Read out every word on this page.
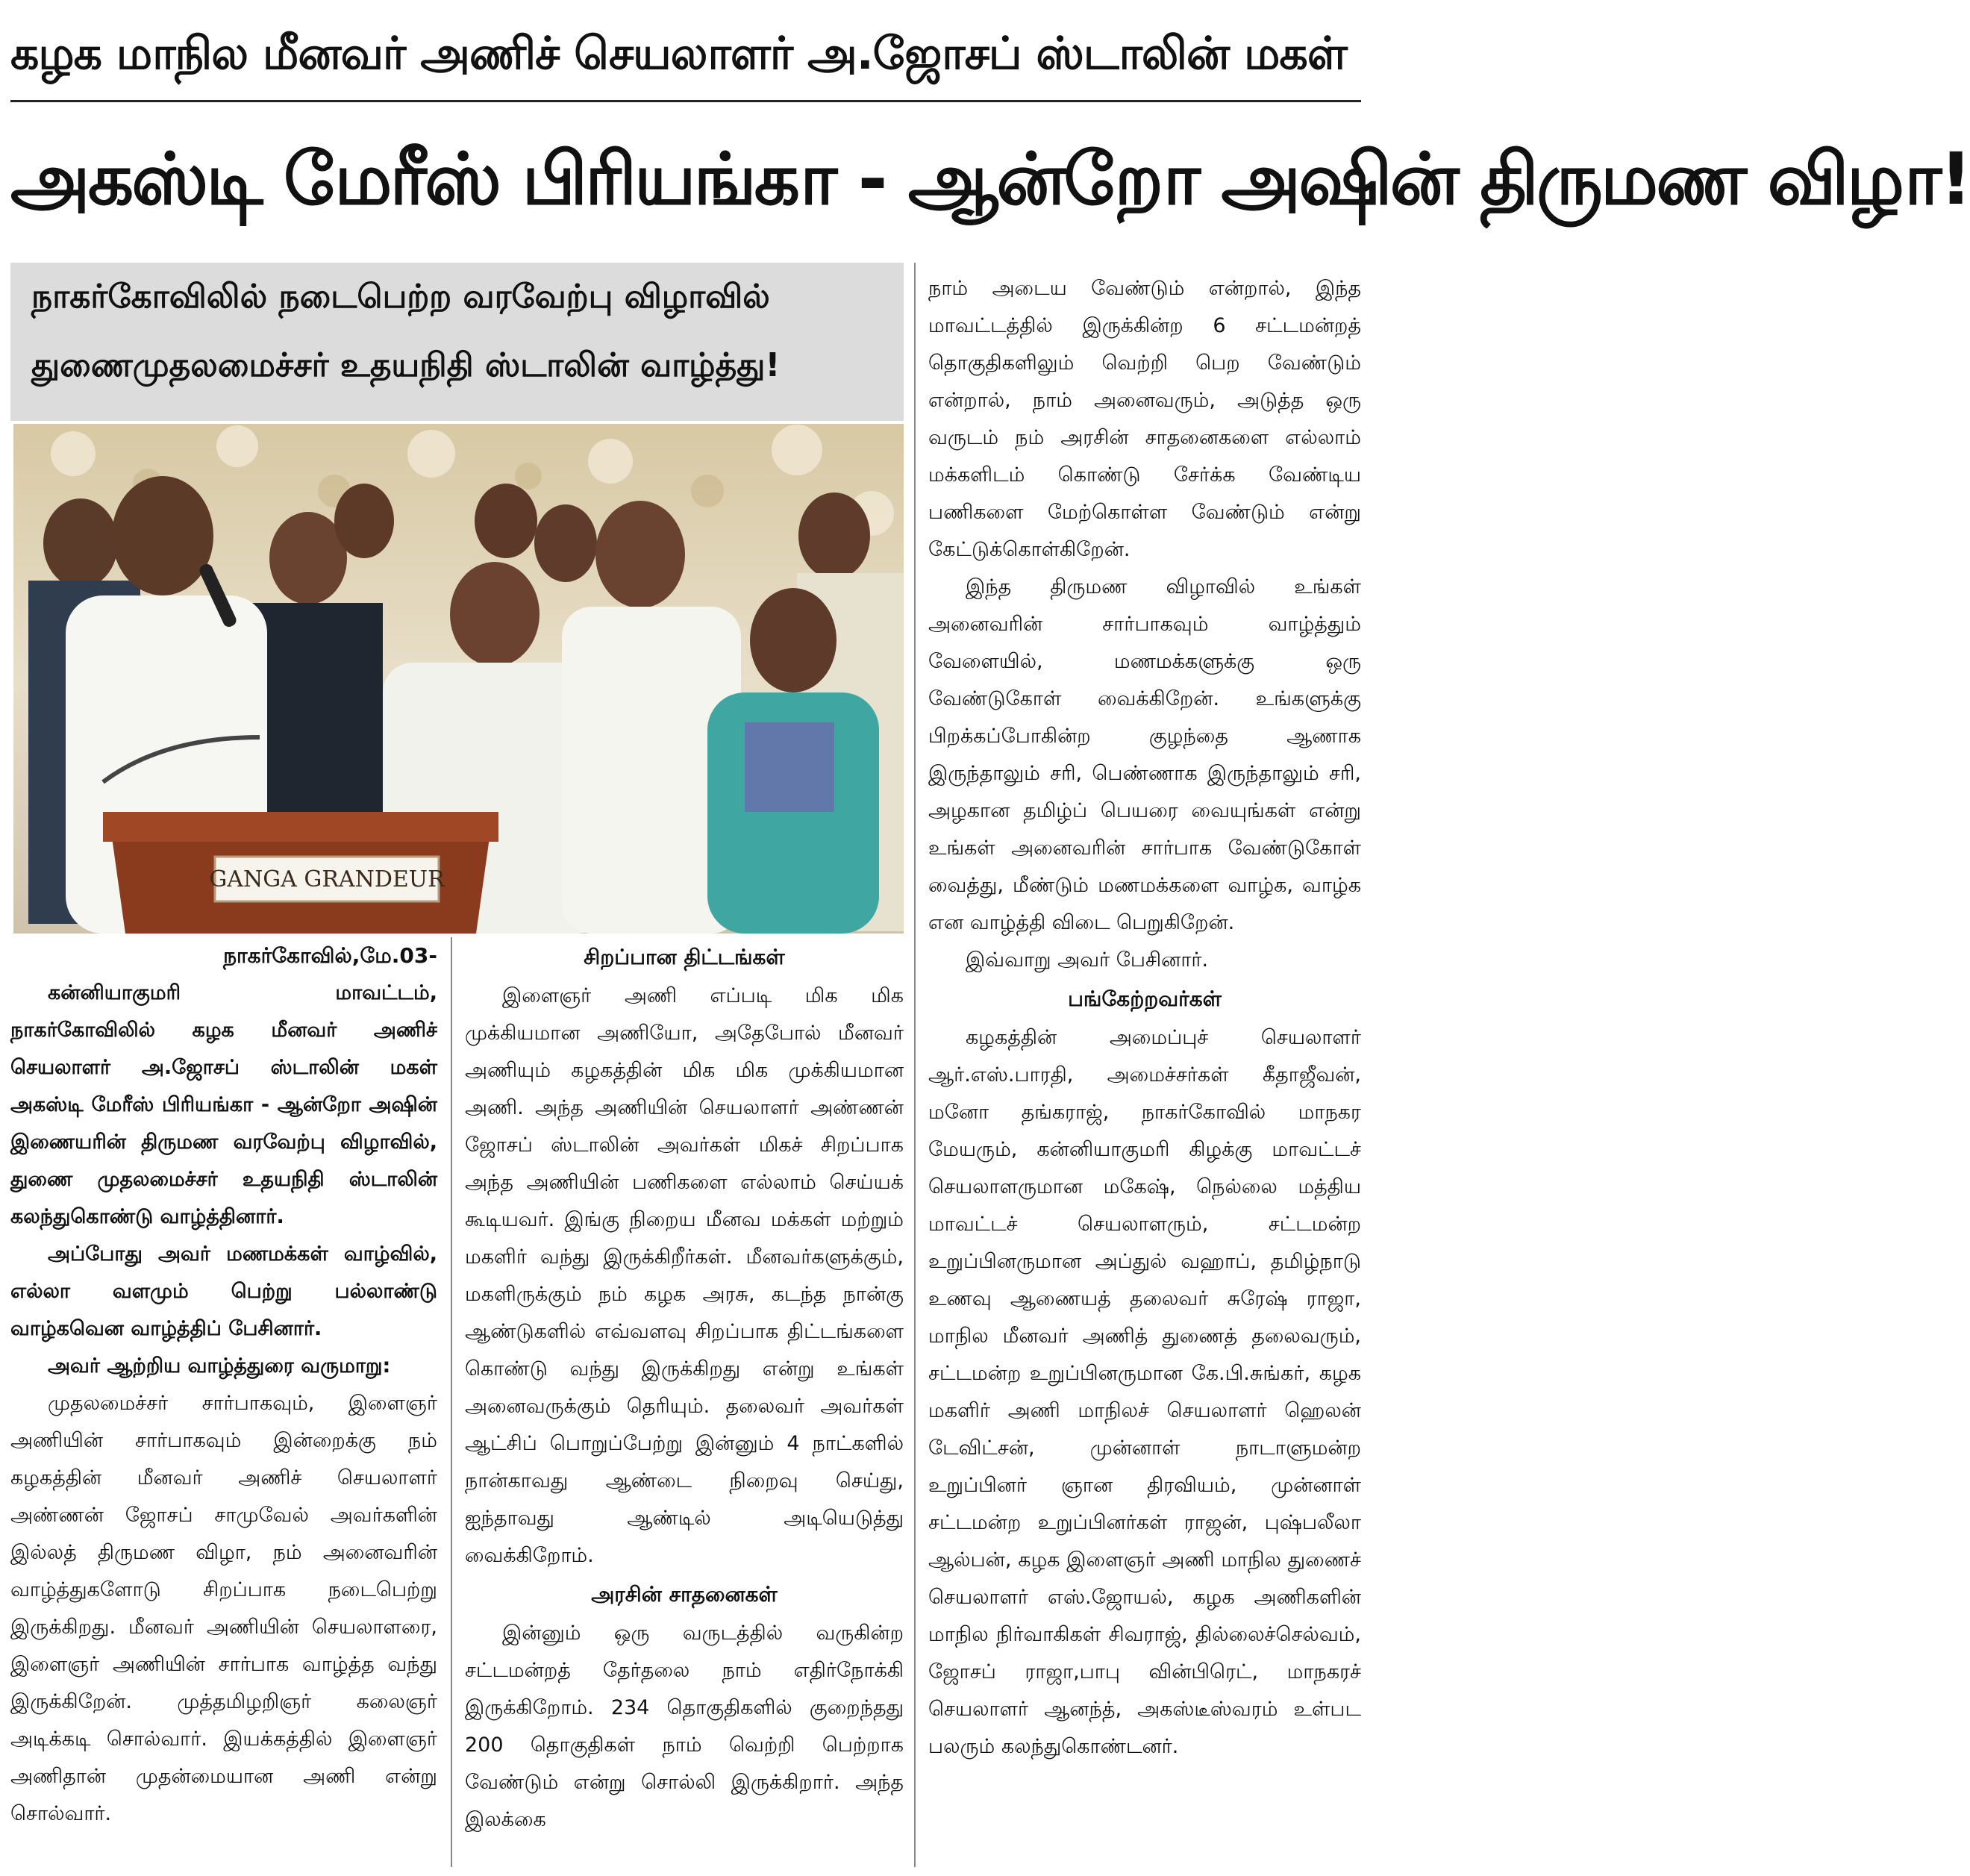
கழக மாநில மீனவர் அணிச் செயலாளர் அ.ஜோசப் ஸ்டாலின் மகள்
அகஸ்டி மேரீஸ் பிரியங்கா - ஆன்றோ அஷின் திருமண விழா!
நாகர்கோவிலில் நடைபெற்ற வரவேற்பு விழாவில்
துணைமுதலமைச்சர் உதயநிதி ஸ்டாலின் வாழ்த்து!
GANGA GRANDEUR

நாகர்கோவில்,மே.03-

கன்னியாகுமரி மாவட்டம், நாகர்கோவிலில் கழக மீனவர் அணிச் செயலாளர் அ.ஜோசப் ஸ்டாலின் மகள் அகஸ்டி மேரீஸ் பிரியங்கா - ஆன்றோ அஷின் இணையரின் திருமண வரவேற்பு விழாவில், துணை முதலமைச்சர் உதயநிதி ஸ்டாலின் கலந்துகொண்டு வாழ்த்தினார்.

அப்போது அவர் மணமக்கள் வாழ்வில், எல்லா வளமும் பெற்று பல்லாண்டு வாழ்கவென வாழ்த்திப் பேசினார்.

அவர் ஆற்றிய வாழ்த்துரை வருமாறு:

முதலமைச்சர் சார்பாகவும், இளைஞர் அணியின் சார்பாகவும் இன்றைக்கு நம் கழகத்தின் மீனவர் அணிச் செயலாளர் அண்ணன் ஜோசப் சாமுவேல் அவர்களின் இல்லத் திருமண விழா, நம் அனைவரின் வாழ்த்துகளோடு சிறப்பாக நடைபெற்று இருக்கிறது. மீனவர் அணியின் செயலாளரை, இளைஞர் அணியின் சார்பாக வாழ்த்த வந்து இருக்கிறேன். முத்தமிழறிஞர் கலைஞர் அடிக்கடி சொல்வார். இயக்கத்தில் இளைஞர் அணிதான் முதன்மையான அணி என்று சொல்வார்.

சிறப்பான திட்டங்கள்

இளைஞர் அணி எப்படி மிக மிக முக்கியமான அணியோ, அதேபோல் மீனவர் அணியும் கழகத்தின் மிக மிக முக்கியமான அணி. அந்த அணியின் செயலாளர் அண்ணன் ஜோசப் ஸ்டாலின் அவர்கள் மிகச் சிறப்பாக அந்த அணியின் பணிகளை எல்லாம் செய்யக் கூடியவர். இங்கு நிறைய மீனவ மக்கள் மற்றும் மகளிர் வந்து இருக்கிறீர்கள். மீனவர்களுக்கும், மகளிருக்கும் நம் கழக அரசு, கடந்த நான்கு ஆண்டுகளில் எவ்வளவு சிறப்பாக திட்டங்களை கொண்டு வந்து இருக்கிறது என்று உங்கள் அனைவருக்கும் தெரியும். தலைவர் அவர்கள் ஆட்சிப் பொறுப்பேற்று இன்னும் 4 நாட்களில் நான்காவது ஆண்டை நிறைவு செய்து, ஐந்தாவது ஆண்டில் அடியெடுத்து வைக்கிறோம்.

அரசின் சாதனைகள்

இன்னும் ஒரு வருடத்தில் வருகின்ற சட்டமன்றத் தேர்தலை நாம் எதிர்நோக்கி இருக்கிறோம். 234 தொகுதிகளில் குறைந்தது 200 தொகுதிகள் நாம் வெற்றி பெற்றாக வேண்டும் என்று சொல்லி இருக்கிறார். அந்த இலக்கை

நாம் அடைய வேண்டும் என்றால், இந்த மாவட்டத்தில் இருக்கின்ற 6 சட்டமன்றத் தொகுதிகளிலும் வெற்றி பெற வேண்டும் என்றால், நாம் அனைவரும், அடுத்த ஒரு வருடம் நம் அரசின் சாதனைகளை எல்லாம் மக்களிடம் கொண்டு சேர்க்க வேண்டிய பணிகளை மேற்கொள்ள வேண்டும் என்று கேட்டுக்கொள்கிறேன்.

இந்த திருமண விழாவில் உங்கள் அனைவரின் சார்பாகவும் வாழ்த்தும் வேளையில், மணமக்களுக்கு ஒரு வேண்டுகோள் வைக்கிறேன். உங்களுக்கு பிறக்கப்போகின்ற குழந்தை ஆணாக இருந்தாலும் சரி, பெண்ணாக இருந்தாலும் சரி, அழகான தமிழ்ப் பெயரை வையுங்கள் என்று உங்கள் அனைவரின் சார்பாக வேண்டுகோள் வைத்து, மீண்டும் மணமக்களை வாழ்க, வாழ்க என வாழ்த்தி விடை பெறுகிறேன்.

இவ்வாறு அவர் பேசினார்.

பங்கேற்றவர்கள்

கழகத்தின் அமைப்புச் செயலாளர் ஆர்.எஸ்.பாரதி, அமைச்சர்கள் கீதாஜீவன், மனோ தங்கராஜ், நாகர்கோவில் மாநகர மேயரும், கன்னியாகுமரி கிழக்கு மாவட்டச் செயலாளருமான மகேஷ், நெல்லை மத்திய மாவட்டச் செயலாளரும், சட்டமன்ற உறுப்பினருமான அப்துல் வஹாப், தமிழ்நாடு உணவு ஆணையத் தலைவர் சுரேஷ் ராஜா, மாநில மீனவர் அணித் துணைத் தலைவரும், சட்டமன்ற உறுப்பினருமான கே.பி.சுங்கர், கழக மகளிர் அணி மாநிலச் செயலாளர் ஹெலன் டேவிட்சன், முன்னாள் நாடாளுமன்ற உறுப்பினர் ஞான திரவியம், முன்னாள் சட்டமன்ற உறுப்பினர்கள் ராஜன், புஷ்பலீலா ஆல்பன், கழக இளைஞர் அணி மாநில துணைச் செயலாளர் எஸ்.ஜோயல், கழக அணிகளின் மாநில நிர்வாகிகள் சிவராஜ், தில்லைச்செல்வம், ஜோசப் ராஜா,பாபு வின்பிரெட், மாநகரச் செயலாளர் ஆனந்த், அகஸ்டீஸ்வரம் உள்பட பலரும் கலந்துகொண்டனர்.
